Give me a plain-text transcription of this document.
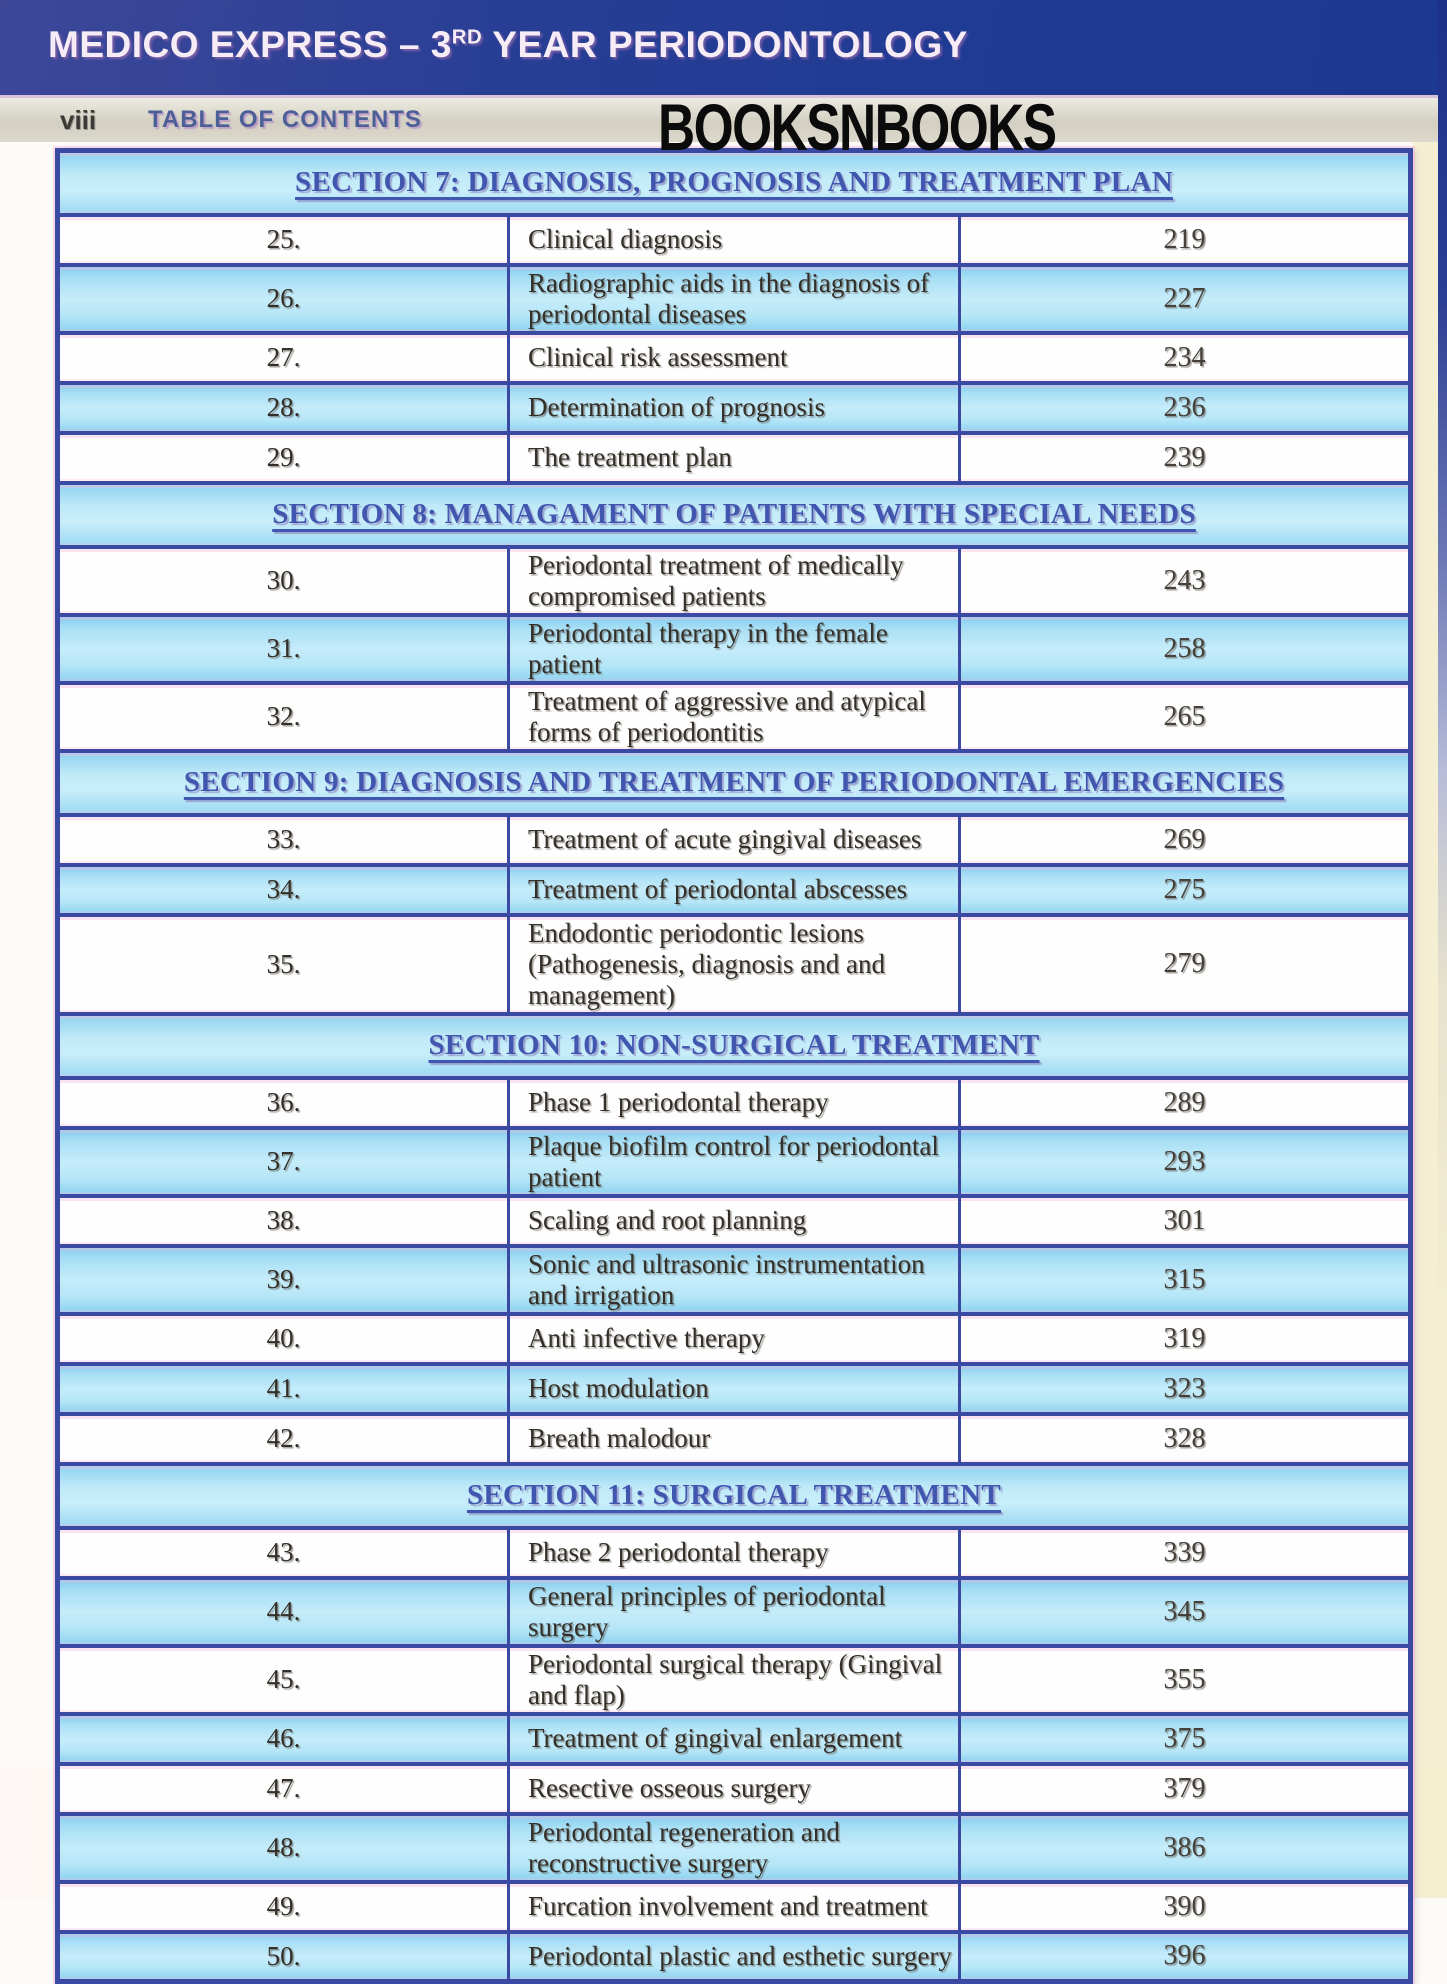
MEDICO EXPRESS – 3RD YEAR PERIODONTOLOGY
viii TABLE OF CONTENTS	BOOKSNBOOKS
SECTION 7: DIAGNOSIS, PROGNOSIS AND TREATMENT PLAN		
25.	Clinical diagnosis	219
26.	Radiographic aids in the diagnosis of periodontal diseases	227
27.	Clinical risk assessment	234
28.	Determination of prognosis	236
29.	The treatment plan	239
SECTION 8: MANAGAMENT OF PATIENTS WITH SPECIAL NEEDS		
30.	Periodontal treatment of medically compromised patients	243
31.	Periodontal therapy in the female patient	258
32.	Treatment of aggressive and atypical forms of periodontitis	265
SECTION 9: DIAGNOSIS AND TREATMENT OF PERIODONTAL EMERGENCIES		
33.	Treatment of acute gingival diseases	269
34.	Treatment of periodontal abscesses	275
35.	Endodontic periodontic lesions (Pathogenesis, diagnosis and and management)	279
SECTION 10: NON-SURGICAL TREATMENT		
36.	Phase 1 periodontal therapy	289
37.	Plaque biofilm control for periodontal patient	293
38.	Scaling and root planning	301
39.	Sonic and ultrasonic instrumentation and irrigation	315
40.	Anti infective therapy	319
41.	Host modulation	323
42.	Breath malodour	328
SECTION 11: SURGICAL TREATMENT		
43.	Phase 2 periodontal therapy	339
44.	General principles of periodontal surgery	345
45.	Periodontal surgical therapy (Gingival and flap)	355
46.	Treatment of gingival enlargement	375
47.	Resective osseous surgery	379
48.	Periodontal regeneration and reconstructive surgery	386
49.	Furcation involvement and treatment	390
50.	Periodontal plastic and esthetic surgery	396
